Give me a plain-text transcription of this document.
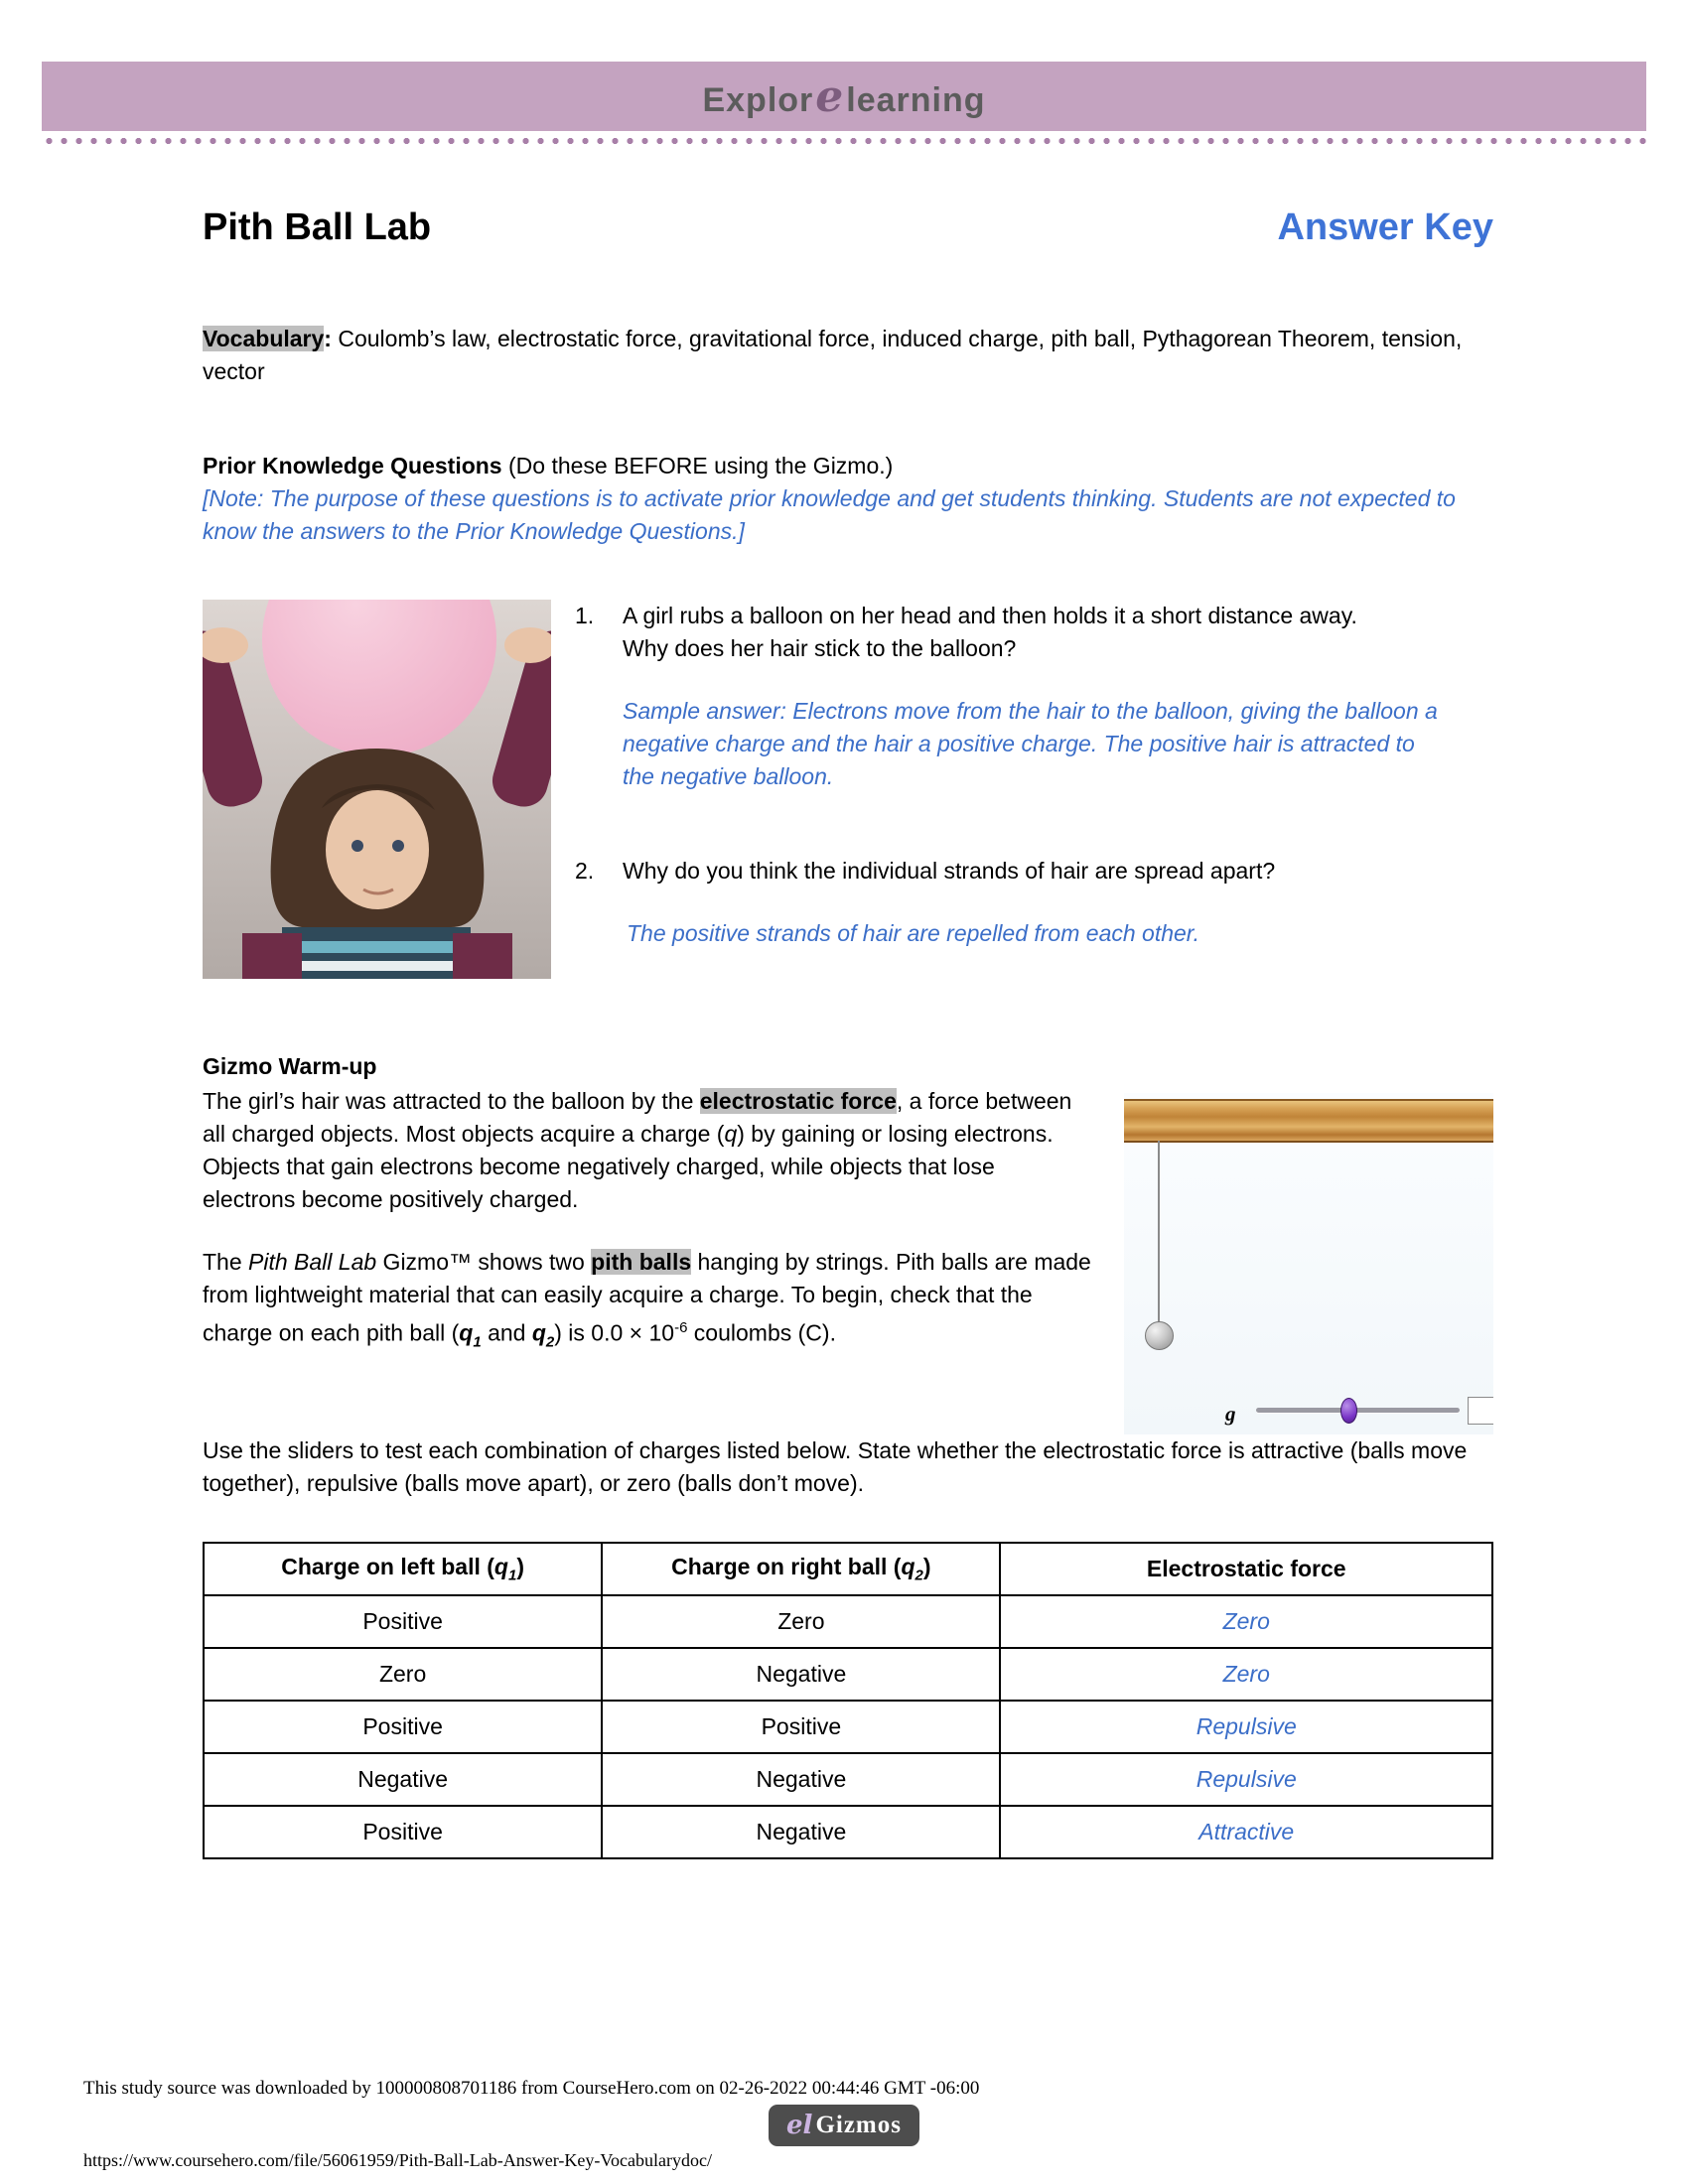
Explorelearning
Pith Ball Lab	Answer Key

Vocabulary: Coulomb’s law, electrostatic force, gravitational force, induced charge, pith ball, Pythagorean Theorem, tension, vector

Prior Knowledge Questions (Do these BEFORE using the Gizmo.)
[Note: The purpose of these questions is to activate prior knowledge and get students thinking. Students are not expected to know the answers to the Prior Knowledge Questions.]
1.	A girl rubs a balloon on her head and then holds it a short distance away. Why does her hair stick to the balloon?
Sample answer: Electrons move from the hair to the balloon, giving the balloon a negative charge and the hair a positive charge. The positive hair is attracted to the negative balloon.
2.	Why do you think the individual strands of hair are spread apart?
The positive strands of hair are repelled from each other.
Gizmo Warm-up
g

The girl’s hair was attracted to the balloon by the electrostatic force, a force between all charged objects. Most objects acquire a charge (q) by gaining or losing electrons. Objects that gain electrons become negatively charged, while objects that lose electrons become positively charged.

The Pith Ball Lab Gizmo™ shows two pith balls hanging by strings. Pith balls are made from lightweight material that can easily acquire a charge. To begin, check that the charge on each pith ball ($q_1$ and $q_2$) is $0.0 \times 10^{-6}$ coulombs (C).

Use the sliders to test each combination of charges listed below. State whether the electrostatic force is attractive (balls move together), repulsive (balls move apart), or zero (balls don’t move).

Charge on left ball $(q_1)$	Charge on right ball $(q_2)$	Electrostatic force
Positive	Zero	Zero
Zero	Negative	Zero
Positive	Positive	Repulsive
Negative	Negative	Repulsive
Positive	Negative	Attractive
This study source was downloaded by 100000808701186 from CourseHero.com on 02-26-2022 00:44:46 GMT -06:00
el Gizmos
https://www.coursehero.com/file/56061959/Pith-Ball-Lab-Answer-Key-Vocabularydoc/
